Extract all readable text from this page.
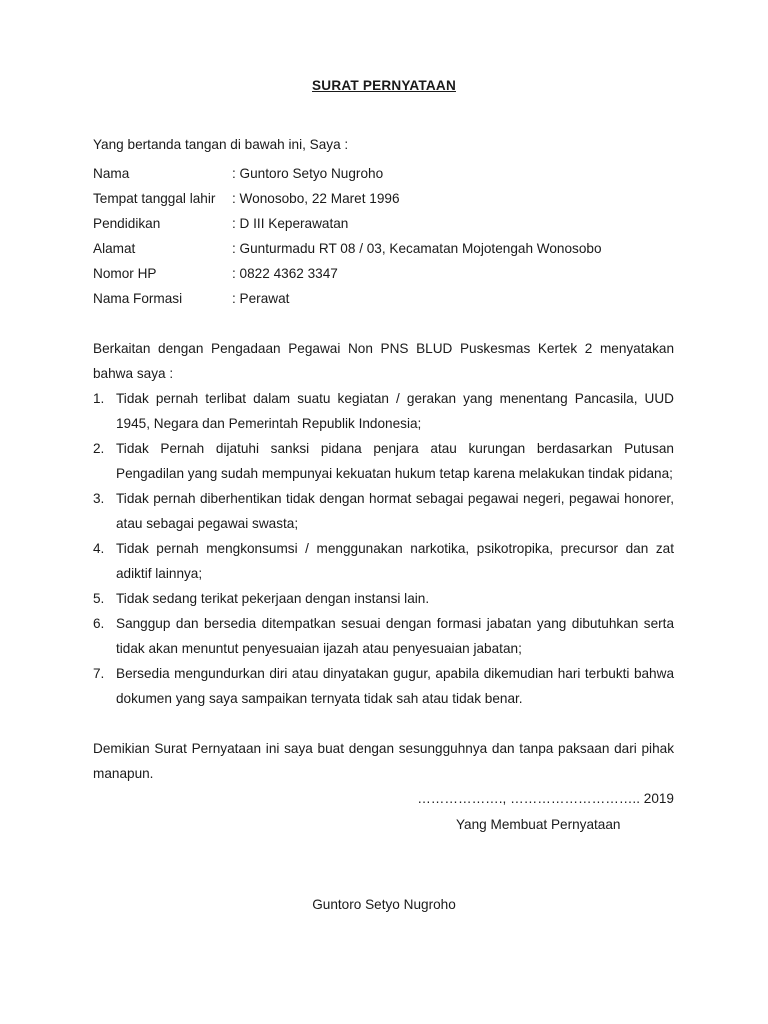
SURAT PERNYATAAN
Yang bertanda tangan di bawah ini, Saya :
Nama	: Guntoro Setyo Nugroho
Tempat tanggal lahir	: Wonosobo, 22 Maret 1996
Pendidikan	: D III Keperawatan
Alamat	: Gunturmadu RT 08 / 03, Kecamatan Mojotengah Wonosobo
Nomor HP	: 0822 4362 3347
Nama Formasi	: Perawat
Berkaitan dengan Pengadaan Pegawai Non PNS BLUD Puskesmas Kertek 2 menyatakan bahwa saya :
1. Tidak pernah terlibat dalam suatu kegiatan / gerakan yang menentang Pancasila, UUD 1945, Negara dan Pemerintah Republik Indonesia;
2. Tidak Pernah dijatuhi sanksi pidana penjara atau kurungan berdasarkan Putusan Pengadilan yang sudah mempunyai kekuatan hukum tetap karena melakukan tindak pidana;
3. Tidak pernah diberhentikan tidak dengan hormat sebagai pegawai negeri, pegawai honorer, atau sebagai pegawai swasta;
4. Tidak pernah mengkonsumsi / menggunakan narkotika, psikotropika, precursor dan zat adiktif lainnya;
5. Tidak sedang terikat pekerjaan dengan instansi lain.
6. Sanggup dan bersedia ditempatkan sesuai dengan formasi jabatan yang dibutuhkan serta tidak akan menuntut penyesuaian ijazah atau penyesuaian jabatan;
7. Bersedia mengundurkan diri atau dinyatakan gugur, apabila dikemudian hari terbukti bahwa dokumen yang saya sampaikan ternyata tidak sah atau tidak benar.
Demikian Surat Pernyataan ini saya buat dengan sesungguhnya dan tanpa paksaan dari pihak manapun.
………………., ……………………….. 2019
Yang Membuat Pernyataan
Guntoro Setyo Nugroho
